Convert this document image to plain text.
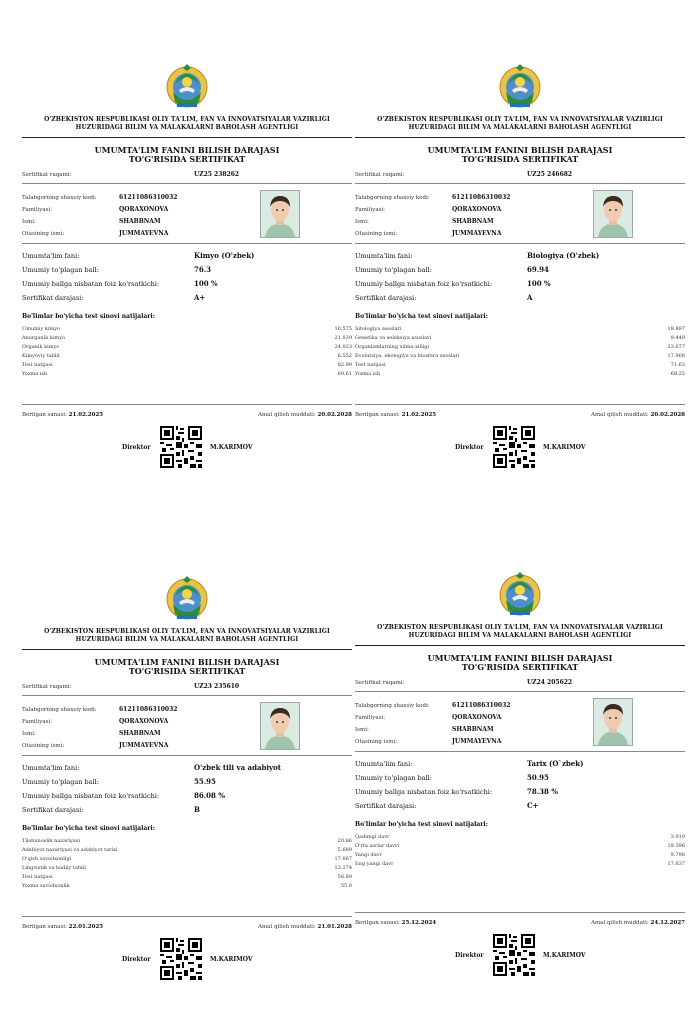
O'ZBEKISTON RESPUBLIKASI OLIY TA'LIM, FAN VA INNOVATSIYALAR VAZIRLIGI
HUZURIDAGI BILIM VA MALAKALARNI BAHOLASH AGENTLIGI
UMUMTA'LIM FANINI BILISH DARAJASI
TO'G'RISIDA SERTIFIKAT
Sertifikat raqami:	UZ25 238262
Talabgorning shaxsiy kodi:	61211086310032
Familiyasi:	QORAXONOVA
Ismi:	SHABBNAM
Otasining ismi:	JUMMAYEVNA
Umumta'lim fani:	Kimyo (O'zbek)
Umumiy to'plagan ball:	76.3
Umumiy ballga nisbatan foiz ko'rsatkichi:	100 %
Sertifikat darajasi:	A+
Bo'limlar bo'yicha test sinovi natijalari:
Umumiy kimyo	10.575
Anorganik kimyo	21.839
Organik kimyo	24.023
Kimyoviy tahlil	6.552
Test natijasi	82.99
Yozma ish	69.61
Berilgan sanasi: 21.02.2025	Amal qilish muddati: 20.02.2028
Direktor	M.KARIMOV
O'ZBEKISTON RESPUBLIKASI OLIY TA'LIM, FAN VA INNOVATSIYALAR VAZIRLIGI
HUZURIDAGI BILIM VA MALAKALARNI BAHOLASH AGENTLIGI
UMUMTA'LIM FANINI BILISH DARAJASI
TO'G'RISIDA SERTIFIKAT
Sertifikat raqami:	UZ25 246682
Talabgorning shaxsiy kodi:	61211086310032
Familiyasi:	QORAXONOVA
Ismi:	SHABBNAM
Otasining ismi:	JUMMAYEVNA
Umumta'lim fani:	Biologiya (O'zbek)
Umumiy to'plagan ball:	69.94
Umumiy ballga nisbatan foiz ko'rsatkichi:	100 %
Sertifikat darajasi:	A
Bo'limlar bo'yicha test sinovi natijalari:
Sitologiya asoslari	19.897
Genetika va seleksiya asoslari	9.449
Organizmlarning xilma-xilligi	23.677
Evolutsiya, ekologiya va biosfera asoslari	17.908
Test natijasi	71.63
Yozma ish	68.25
Berilgan sanasi: 21.02.2025	Amal qilish muddati: 20.02.2028
Direktor	M.KARIMOV
O'ZBEKISTON RESPUBLIKASI OLIY TA'LIM, FAN VA INNOVATSIYALAR VAZIRLIGI
HUZURIDAGI BILIM VA MALAKALARNI BAHOLASH AGENTLIGI
UMUMTA'LIM FANINI BILISH DARAJASI
TO'G'RISIDA SERTIFIKAT
Sertifikat raqami:	UZ23 235610
Talabgorning shaxsiy kodi:	61211086310032
Familiyasi:	QORAXONOVA
Ismi:	SHABBNAM
Otasining ismi:	JUMMAYEVNA
Umumta'lim fani:	O'zbek tili va adabiyot
Umumiy to'plagan ball:	55.95
Umumiy ballga nisbatan foiz ko'rsatkichi:	86.08 %
Sertifikat darajasi:	B
Bo'limlar bo'yicha test sinovi natijalari:
Tilshunoslik nazariyasi	20.86
Adabiyot nazariyasi va adabiyot tarixi	5.689
O'qish savodxonligi	17.067
Lingvistik va badiiy tahlil	13.274
Test natijasi	56.89
Yozma savodxonlik	55.0
Berilgan sanasi: 22.01.2025	Amal qilish muddati: 21.01.2028
Direktor	M.KARIMOV
O'ZBEKISTON RESPUBLIKASI OLIY TA'LIM, FAN VA INNOVATSIYALAR VAZIRLIGI
HUZURIDAGI BILIM VA MALAKALARNI BAHOLASH AGENTLIGI
UMUMTA'LIM FANINI BILISH DARAJASI
TO'G'RISIDA SERTIFIKAT
Sertifikat raqami:	UZ24 205622
Talabgorning shaxsiy kodi:	61211086310032
Familiyasi:	QORAXONOVA
Ismi:	SHABBNAM
Otasining ismi:	JUMMAYEVNA
Umumta'lim fani:	Tarix (O`zbek)
Umumiy to'plagan ball:	50.95
Umumiy ballga nisbatan foiz ko'rsatkichi:	78.38 %
Sertifikat darajasi:	C+
Bo'limlar bo'yicha test sinovi natijalari:
Qadimgi davr	3.919
O'rta asrlar davri	19.396
Yangi davr	9.798
Eng yangi davr	17.637
Berilgan sanasi: 25.12.2024	Amal qilish muddati: 24.12.2027
Direktor	M.KARIMOV
